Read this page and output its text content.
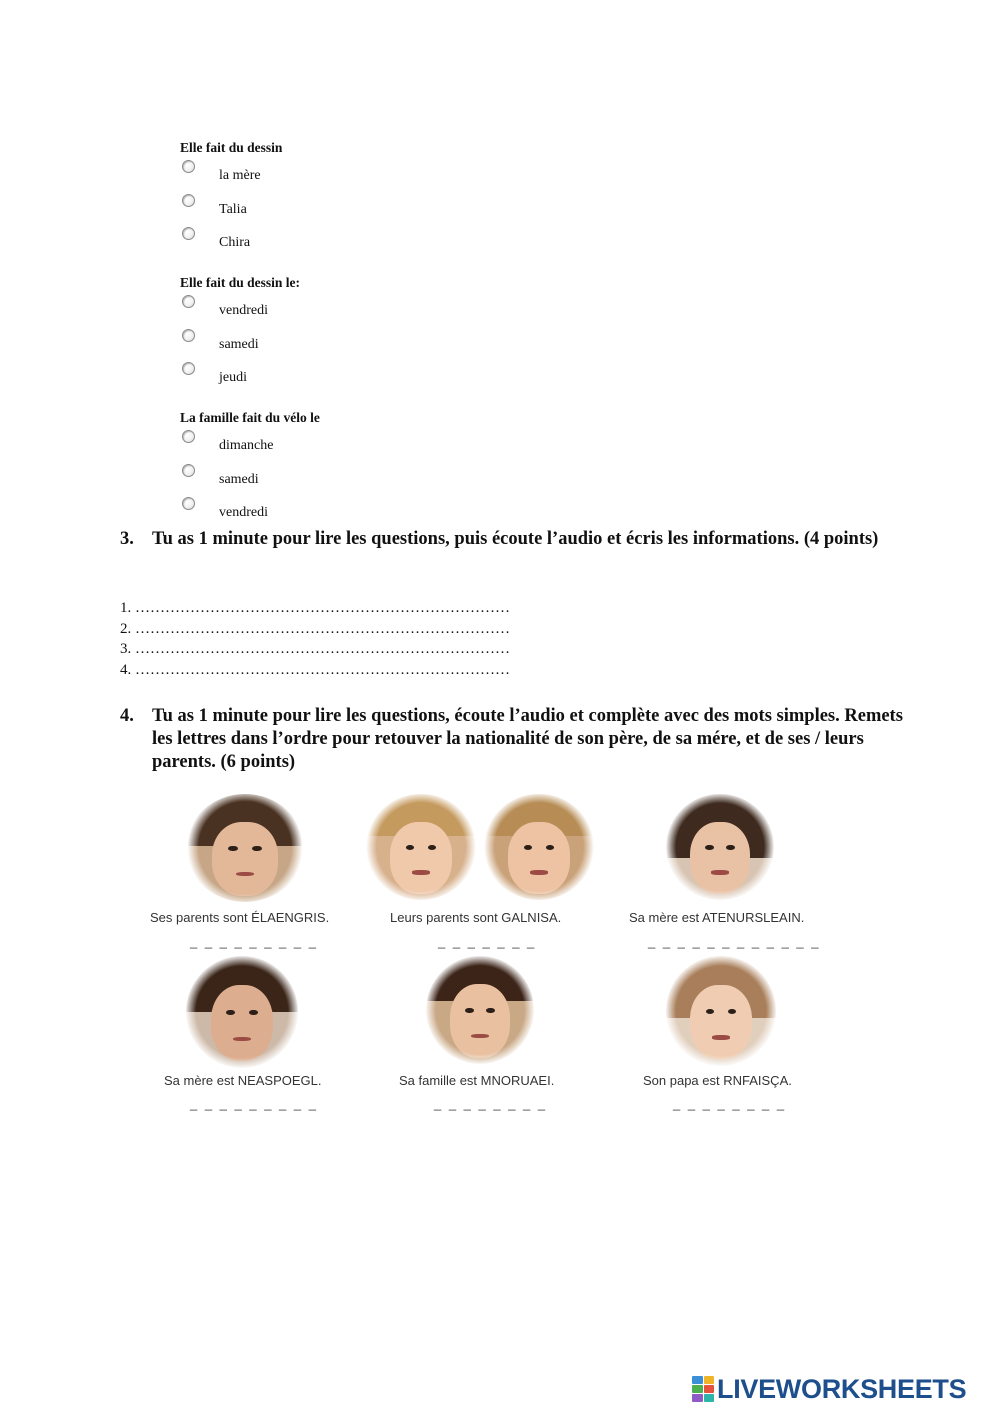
Elle fait du dessin
la mère
Talia
Chira
Elle fait du dessin le:
vendredi
samedi
jeudi
La famille fait du vélo le
dimanche
samedi
vendredi
3. Tu as 1 minute pour lire les questions, puis écoute l’audio et écris les informations. (4 points)
1. …………………………………………………………………
2. …………………………………………………………………
3. …………………………………………………………………
4. …………………………………………………………………
4. Tu as 1 minute pour lire les questions, écoute l’audio et complète avec des mots simples. Remets les lettres dans l’ordre pour retouver la nationalité de son père, de sa mére, et de ses / leurs parents. (6 points)
Ses parents sont ÉLAENGRIS.
_ _ _ _ _ _ _ _ _
Leurs parents sont GALNISA.
_ _ _ _ _ _ _
Sa mère est ATENURSLEAIN.
_ _ _ _ _ _ _ _ _ _ _ _
Sa mère est NEASPOEGL.
_ _ _ _ _ _ _ _ _
Sa famille est MNORUAEI.
_ _ _ _ _ _ _ _
Son papa est RNFAISÇA.
_ _ _ _ _ _ _ _
LIVEWORKSHEETS
